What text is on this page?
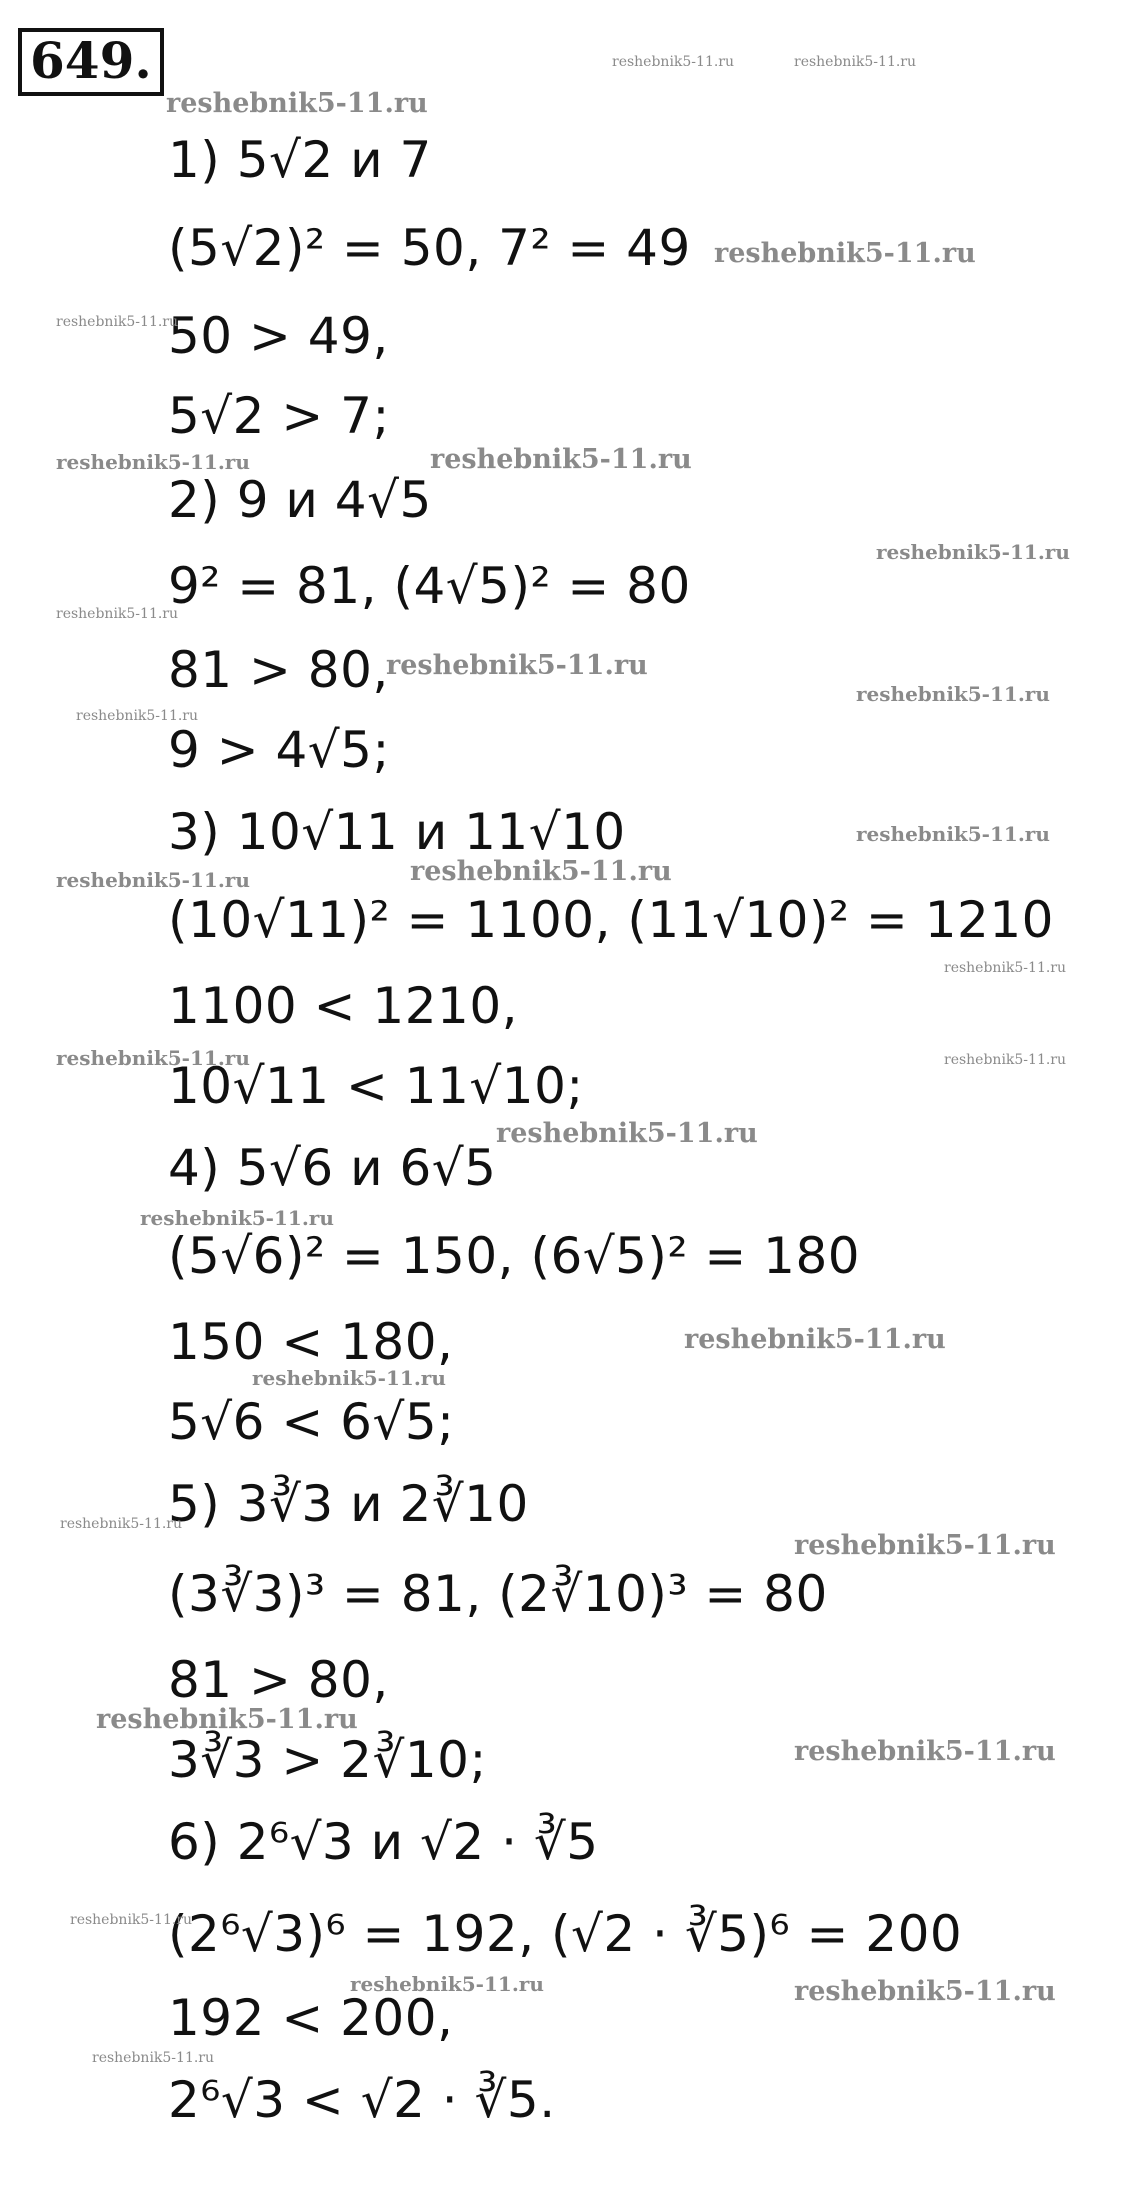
649.
1) 5√2 и 7
(5√2)² = 50, 7² = 49
50 > 49,
5√2 > 7;
2) 9 и 4√5
9² = 81, (4√5)² = 80
81 > 80,
9 > 4√5;
3) 10√11 и 11√10
(10√11)² = 1100, (11√10)² = 1210
1100 < 1210,
10√11 < 11√10;
4) 5√6 и 6√5
(5√6)² = 150, (6√5)² = 180
150 < 180,
5√6 < 6√5;
5) 3∛3 и 2∛10
(3∛3)³ = 81, (2∛10)³ = 80
81 > 80,
3∛3 > 2∛10;
6) 2⁶√3 и √2 · ∛5
(2⁶√3)⁶ = 192, (√2 · ∛5)⁶ = 200
192 < 200,
2⁶√3 < √2 · ∛5.
reshebnik5-11.ru	reshebnik5-11.ru
reshebnik5-11.ru
reshebnik5-11.ru
reshebnik5-11.ru
reshebnik5-11.ru	reshebnik5-11.ru
reshebnik5-11.ru
reshebnik5-11.ru
reshebnik5-11.ru
reshebnik5-11.ru
reshebnik5-11.ru
reshebnik5-11.ru
reshebnik5-11.ru	reshebnik5-11.ru
reshebnik5-11.ru
reshebnik5-11.ru	reshebnik5-11.ru
reshebnik5-11.ru
reshebnik5-11.ru
reshebnik5-11.ru
reshebnik5-11.ru
reshebnik5-11.ru
reshebnik5-11.ru
reshebnik5-11.ru
reshebnik5-11.ru
reshebnik5-11.ru
reshebnik5-11.ru	reshebnik5-11.ru
reshebnik5-11.ru
